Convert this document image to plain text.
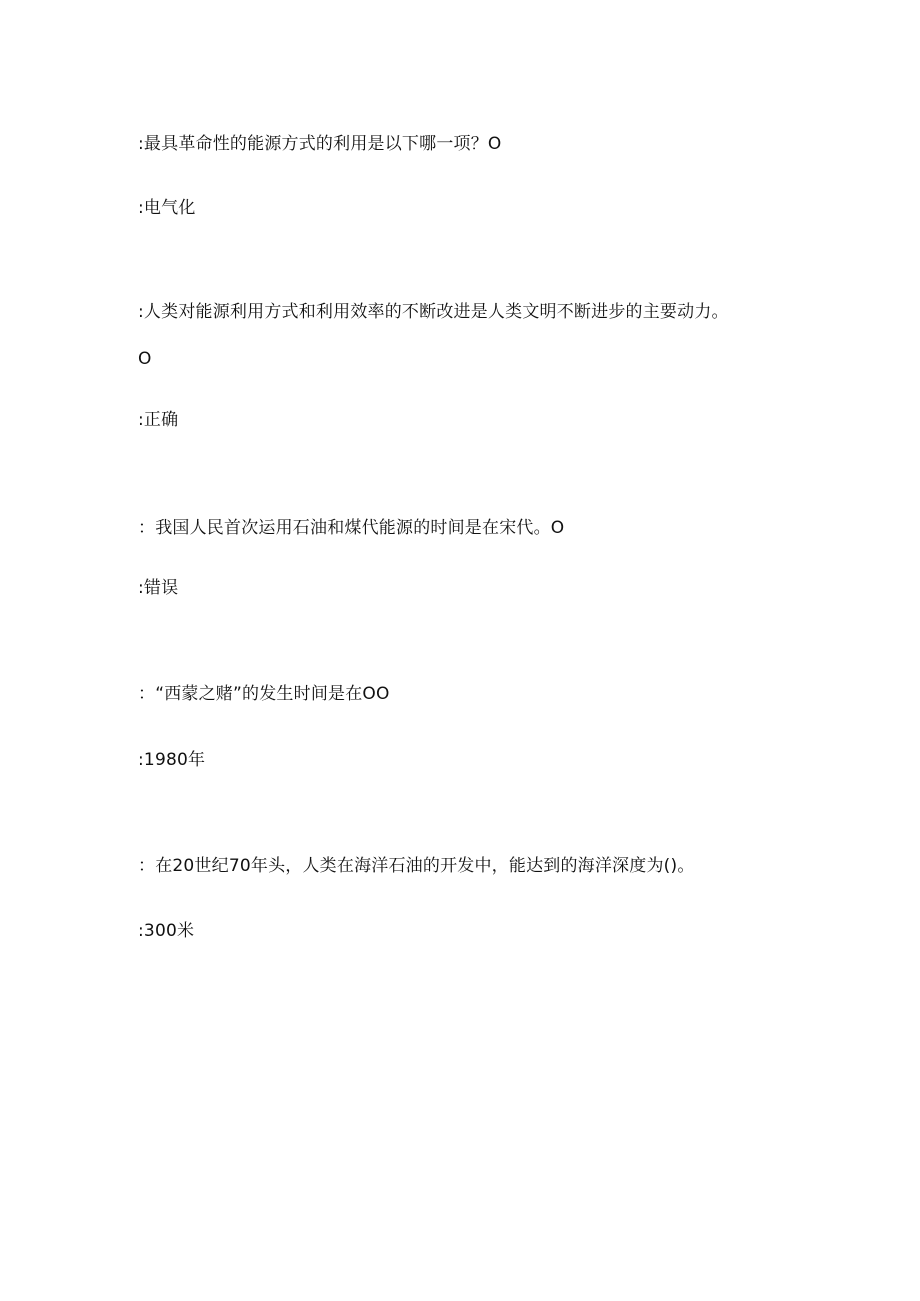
:最具革命性的能源方式的利用是以下哪一项？O
:电气化
:人类对能源利用方式和利用效率的不断改进是人类文明不断进步的主要动力。
O
:正确
：我国人民首次运用石油和煤代能源的时间是在宋代。O
:错误
：“西蒙之赌”的发生时间是在OO
:1980年
：在20世纪70年头，人类在海洋石油的开发中，能达到的海洋深度为()。
:300米
